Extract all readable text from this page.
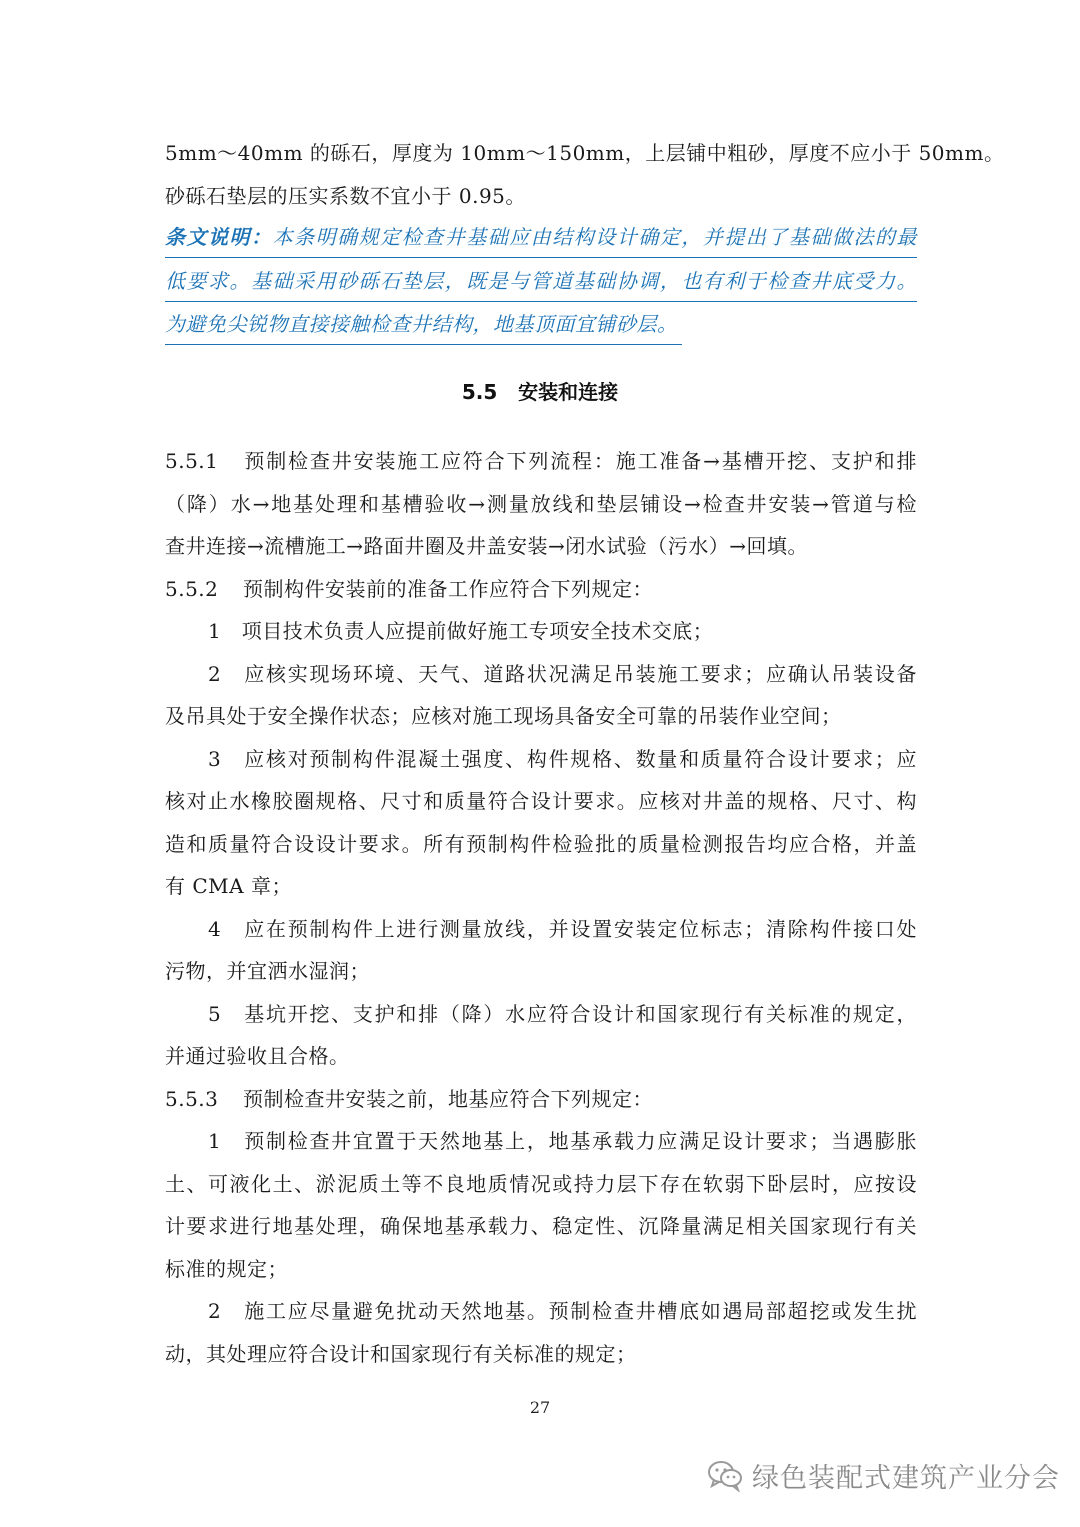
5mm～40mm 的砾石，厚度为 10mm～150mm，上层铺中粗砂，厚度不应小于 50mm。
砂砾石垫层的压实系数不宜小于 0.95。
条文说明：本条明确规定检查井基础应由结构设计确定，并提出了基础做法的最
低要求。基础采用砂砾石垫层，既是与管道基础协调，也有利于检查井底受力。
为避免尖锐物直接接触检查井结构，地基顶面宜铺砂层。
5.5 安装和连接
5.5.1 预制检查井安装施工应符合下列流程：施工准备→基槽开挖、支护和排
（降）水→地基处理和基槽验收→测量放线和垫层铺设→检查井安装→管道与检
查井连接→流槽施工→路面井圈及井盖安装→闭水试验（污水）→回填。
5.5.2 预制构件安装前的准备工作应符合下列规定：
1　项目技术负责人应提前做好施工专项安全技术交底；
2　应核实现场环境、天气、道路状况满足吊装施工要求；应确认吊装设备
及吊具处于安全操作状态；应核对施工现场具备安全可靠的吊装作业空间；
3　应核对预制构件混凝土强度、构件规格、数量和质量符合设计要求；应
核对止水橡胶圈规格、尺寸和质量符合设计要求。应核对井盖的规格、尺寸、构
造和质量符合设设计要求。所有预制构件检验批的质量检测报告均应合格，并盖
有 CMA 章；
4　应在预制构件上进行测量放线，并设置安装定位标志；清除构件接口处
污物，并宜洒水湿润；
5　基坑开挖、支护和排（降）水应符合设计和国家现行有关标准的规定，
并通过验收且合格。
5.5.3 预制检查井安装之前，地基应符合下列规定：
1　预制检查井宜置于天然地基上，地基承载力应满足设计要求；当遇膨胀
土、可液化土、淤泥质土等不良地质情况或持力层下存在软弱下卧层时，应按设
计要求进行地基处理，确保地基承载力、稳定性、沉降量满足相关国家现行有关
标准的规定；
2　施工应尽量避免扰动天然地基。预制检查井槽底如遇局部超挖或发生扰
动，其处理应符合设计和国家现行有关标准的规定；
27
绿色装配式建筑产业分会
